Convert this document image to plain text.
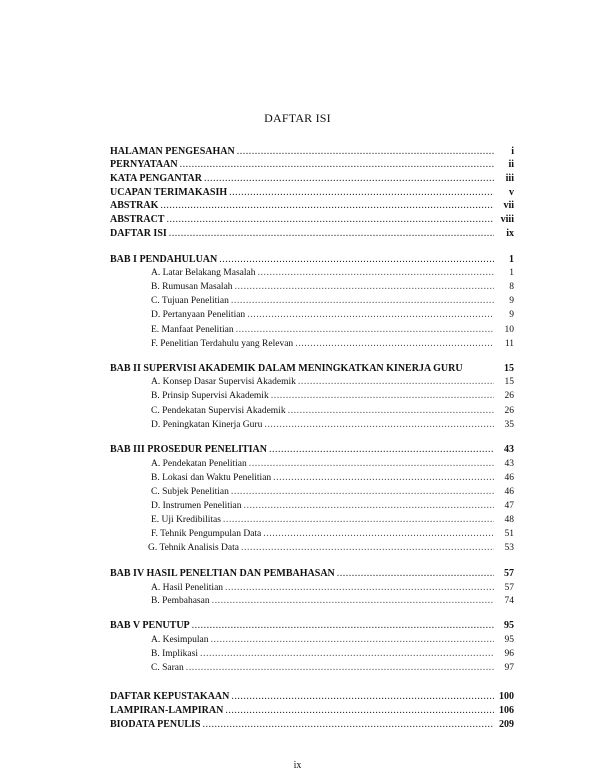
DAFTAR ISI
HALAMAN PENGESAHAN .....	i
PERNYATAAN .....	ii
KATA PENGANTAR .....	iii
UCAPAN TERIMAKASIH .....	v
ABSTRAK .....	vii
ABSTRACT .....	viii
DAFTAR ISI .....	ix
BAB I PENDAHULUAN .....	1
A. Latar Belakang Masalah .....	1
B. Rumusan Masalah .....	8
C. Tujuan Penelitian .....	9
D. Pertanyaan Penelitian .....	9
E. Manfaat Penelitian .....	10
F. Penelitian Terdahulu yang Relevan .....	11
BAB II SUPERVISI AKADEMIK DALAM MENINGKATKAN KINERJA GURU	15
A. Konsep Dasar Supervisi Akademik .....	15
B. Prinsip Supervisi Akademik .....	26
C. Pendekatan Supervisi Akademik .....	26
D. Peningkatan Kinerja Guru .....	35
BAB III PROSEDUR PENELITIAN .....	43
A. Pendekatan Penelitian .....	43
B. Lokasi dan Waktu Penelitian .....	46
C. Subjek Penelitian .....	46
D. Instrumen Penelitian .....	47
E. Uji Kredibilitas .....	48
F. Tehnik Pengumpulan Data .....	51
G. Tehnik Analisis Data .....	53
BAB IV HASIL PENELTIAN DAN PEMBAHASAN .....	57
A. Hasil Penelitian .....	57
B. Pembahasan .....	74
BAB V PENUTUP .....	95
A. Kesimpulan .....	95
B. Implikasi .....	96
C. Saran .....	97
DAFTAR KEPUSTAKAAN .....	100
LAMPIRAN-LAMPIRAN .....	106
BIODATA PENULIS .....	209
ix
